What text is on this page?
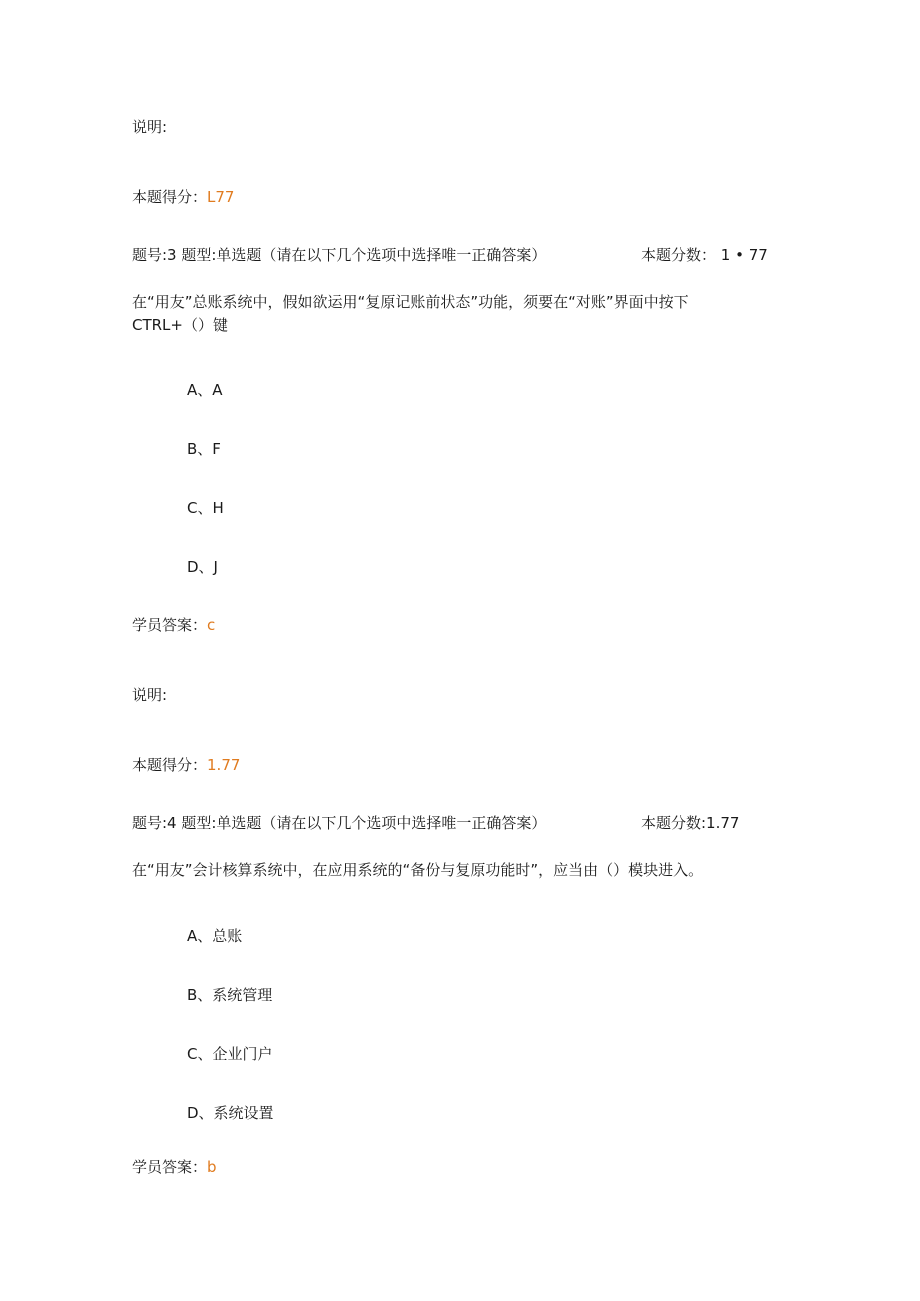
说明:
本题得分：L77
题号:3 题型:单选题（请在以下几个选项中选择唯一正确答案）	本题分数： 1 • 77
在“用友”总账系统中，假如欲运用“复原记账前状态”功能，须要在“对账”界面中按下
CTRL+（）键
A、A
B、F
C、H
D、J
学员答案：c
说明:
本题得分：1.77
题号:4 题型:单选题（请在以下几个选项中选择唯一正确答案）	本题分数:1.77
在“用友”会计核算系统中，在应用系统的“备份与复原功能时”，应当由（）模块进入。
A、总账
B、系统管理
C、企业门户
D、系统设置
学员答案：b
